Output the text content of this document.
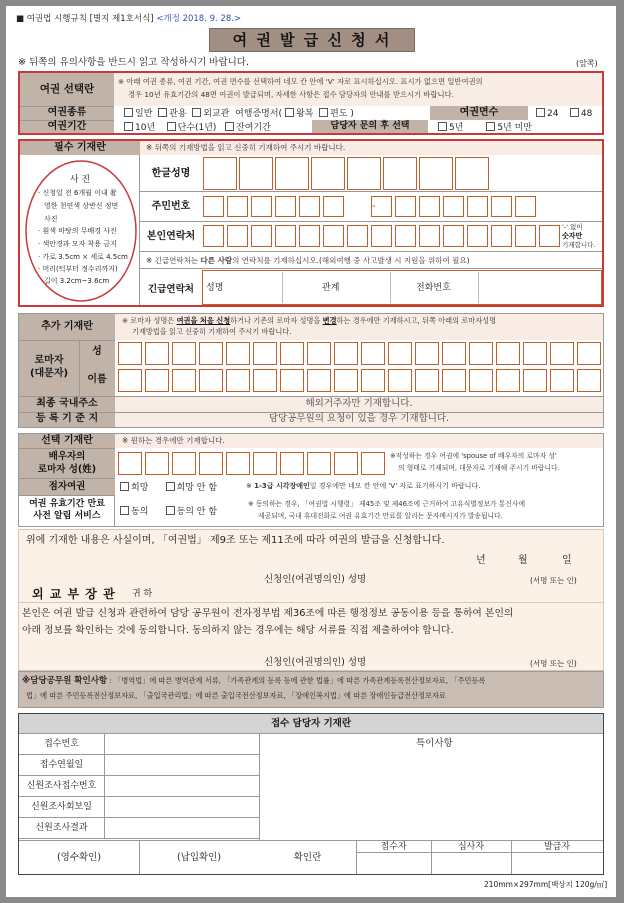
■ 여권법 시행규칙 [별지 제1호서식] <개정 2018. 9. 28.>
여 권 발 급 신 청 서
※ 뒤쪽의 유의사항을 반드시 읽고 작성하시기 바랍니다.	(앞쪽)
여권 선택란
※ 아래 여권 종류, 여권 기간, 여권 면수를 선택하여 네모 칸 안에 'V' 자로 표시하십시오. 표시가 없으면 일반여권의
경우 10년 유효기간의 48면 여권이 발급되며, 자세한 사항은 접수 담당자의 안내를 받으시기 바랍니다.
여권종류	일반 관용 외교관 여행증명서( 왕복 편도 )	여권면수	24 48
여권기간	10년 단수(1년) 잔여기간	담당자 문의 후 선택	5년	5년 미만
필수 기재란	※ 뒤쪽의 기재방법을 읽고 신중히 기재하여 주시기 바랍니다.
사 진
· 신청일 전 6개월 이내 촬
영한 천연색 상반신 정면
사진
· 흰색 바탕의 무배경 사진
· 색안경과 모자 착용 금지
· 가로 3.5cm × 세로 4.5cm
· 머리(턱부터 정수리까지)
길이 3.2cm~3.6cm
한글성명
주민번호	-
본인연락처
'-' 없이
숫자만
기재합니다.
※ 긴급연락처는 다른 사람의 연락처를 기재하십시오.(해외여행 중 사고발생 시 지원을 위하여 필요)
긴급연락처	성명	관계	전화번호
추가 기재란
※ 로마자 성명은 여권을 처음 신청하거나 기존의 로마자 성명을 변경하는 경우에만 기재하시고, 뒤쪽 아래의 로마자성명
기재방법을 읽고 신중히 기재하여 주시기 바랍니다.
로마자
(대문자)
성
이름
최종 국내주소	해외거주자만 기재합니다.
등 록 기 준 지	담당공무원의 요청이 있을 경우 기재합니다.
선택 기재란	※ 원하는 경우에만 기재합니다.
배우자의
로마자 성(姓)
※작성하는 경우 여권에 'spouse of 배우자의 로마자 성'
의 형태로 기재되며, 대문자로 기재해 주시기 바랍니다.
점자여권	희망	희망 안 함	※ 1-3급 시각장애인일 경우에만 네모 칸 안에 'V' 자로 표기하시기 바랍니다.
여권 유효기간 만료
사전 알림 서비스	동의	동의 안 함
※ 동의하는 경우, 「여권법 시행령」 제45조 및 제46조에 근거하여 고유식별정보가 통신사에
제공되며, 국내 휴대전화로 여권 유효기간 만료를 알리는 문자메시지가 발송됩니다.
위에 기재한 내용은 사실이며, 「여권법」 제9조 또는 제11조에 따라 여권의 발급을 신청합니다.
년	월	일
신청인(여권명의인) 성명	(서명 또는 인)
외 교 부 장 관 귀 하
본인은 여권 발급 신청과 관련하여 담당 공무원이 전자정부법 제36조에 따른 행정정보 공동이용 등을 통하여 본인의
아래 정보를 확인하는 것에 동의합니다. 동의하지 않는 경우에는 해당 서류를 직접 제출하여야 합니다.
신청인(여권명의인) 성명	(서명 또는 인)
※담당공무원 확인사항 : 「병역법」에 따른 병역관계 서류, 「가족관계의 등록 등에 관한 법률」에 따른 가족관계등록전산정보자료, 「주민등록
법」에 따른 주민등록전산정보자료, 「출입국관리법」에 따른 출입국전산정보자료, 「장애인복지법」에 따른 장애인등급전산정보자료
접수 담당자 기재란
접수번호
접수연월일
신원조사접수번호
신원조사회보일
신원조사결과
특이사항
접수자	심사자	발급자
(영수확인)	(납입확인)	확인란
210mm×297mm[백상지 120g/㎡]
